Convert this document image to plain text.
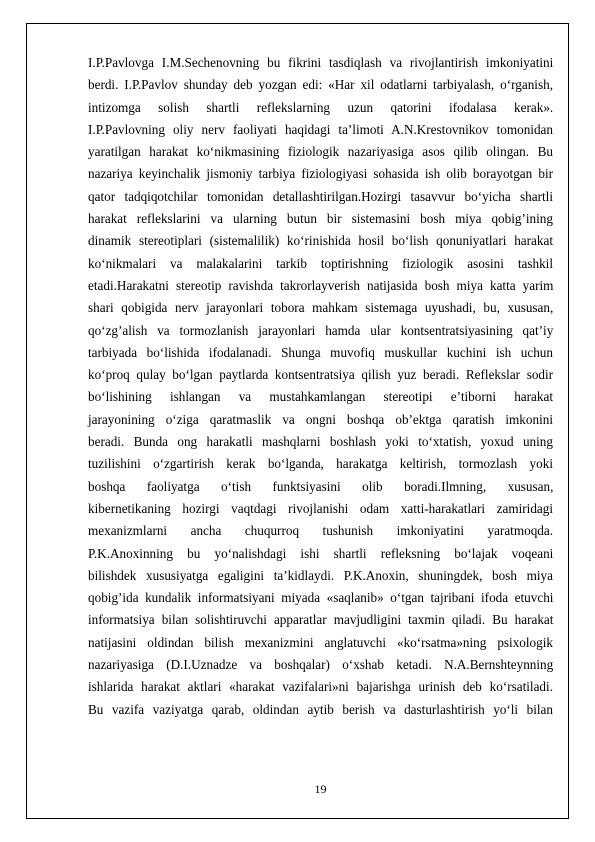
I.P.Pavlovga I.M.Sechenovning bu fikrini tasdiqlash va rivojlantirish imkoniyatini
berdi. I.P.Pavlov shunday deb yozgan edi: «Har xil odatlarni tarbiyalash, o‘rganish,
intizomga solish shartli reflekslarning uzun qatorini ifodalasa kerak».
I.P.Pavlovning oliy nerv faoliyati haqidagi ta’limoti A.N.Krestovnikov tomonidan
yaratilgan harakat ko‘nikmasining fiziologik nazariyasiga asos qilib olingan. Bu
nazariya keyinchalik jismoniy tarbiya fiziologiyasi sohasida ish olib borayotgan bir
qator tadqiqotchilar tomonidan detallashtirilgan.Hozirgi tasavvur bo‘yicha shartli
harakat reflekslarini va ularning butun bir sistemasini bosh miya qobig’ining
dinamik stereotiplari (sistemalilik) ko‘rinishida hosil bo‘lish qonuniyatlari harakat
ko‘nikmalari va malakalarini tarkib toptirishning fiziologik asosini tashkil
etadi.Harakatni stereotip ravishda takrorlayverish natijasida bosh miya katta yarim
shari qobigida nerv jarayonlari tobora mahkam sistemaga uyushadi, bu, xususan,
qo‘zg’alish va tormozlanish jarayonlari hamda ular kontsentratsiyasining qat’iy
tarbiyada bo‘lishida ifodalanadi. Shunga muvofiq muskullar kuchini ish uchun
ko‘proq qulay bo‘lgan paytlarda kontsentratsiya qilish yuz beradi. Reflekslar sodir
bo‘lishining ishlangan va mustahkamlangan stereotipi e’tiborni harakat
jarayonining o‘ziga qaratmaslik va ongni boshqa ob’ektga qaratish imkonini
beradi. Bunda ong harakatli mashqlarni boshlash yoki to‘xtatish, yoxud uning
tuzilishini o‘zgartirish kerak bo‘lganda, harakatga keltirish, tormozlash yoki
boshqa faoliyatga o‘tish funktsiyasini olib boradi.Ilmning, xususan,
kibernetikaning hozirgi vaqtdagi rivojlanishi odam xatti-harakatlari zamiridagi
mexanizmlarni ancha chuqurroq tushunish imkoniyatini yaratmoqda.
P.K.Anoxinning bu yo‘nalishdagi ishi shartli refleksning bo‘lajak voqeani
bilishdek xususiyatga egaligini ta’kidlaydi. P.K.Anoxin, shuningdek, bosh miya
qobig’ida kundalik informatsiyani miyada «saqlanib» o‘tgan tajribani ifoda etuvchi
informatsiya bilan solishtiruvchi apparatlar mavjudligini taxmin qiladi. Bu harakat
natijasini oldindan bilish mexanizmini anglatuvchi «ko‘rsatma»ning psixologik
nazariyasiga (D.I.Uznadze va boshqalar) o‘xshab ketadi. N.A.Bernshteynning
ishlarida harakat aktlari «harakat vazifalari»ni bajarishga urinish deb ko‘rsatiladi.
Bu vazifa vaziyatga qarab, oldindan aytib berish va dasturlashtirish yo‘li bilan
19
